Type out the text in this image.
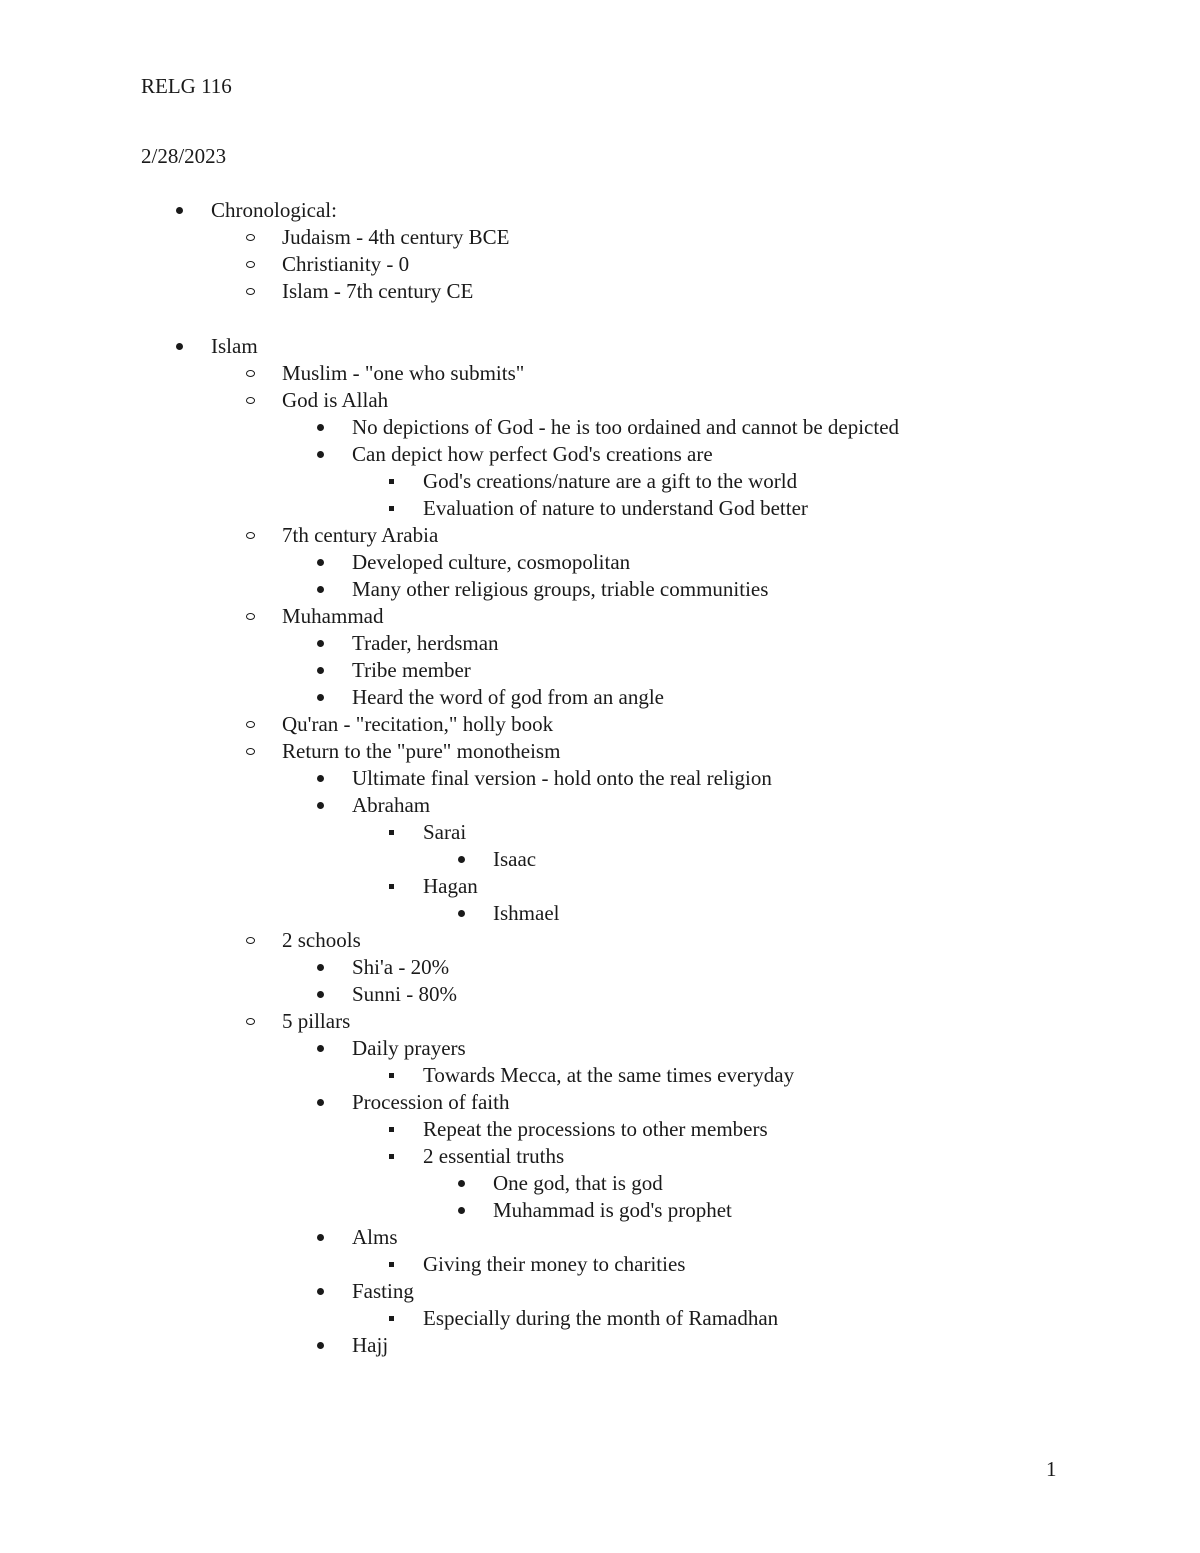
RELG 116
2/28/2023
Chronological:
Judaism - 4th century BCE
Christianity - 0
Islam - 7th century CE
Islam
Muslim - "one who submits"
God is Allah
No depictions of God - he is too ordained and cannot be depicted
Can depict how perfect God's creations are
God's creations/nature are a gift to the world
Evaluation of nature to understand God better
7th century Arabia
Developed culture, cosmopolitan
Many other religious groups, triable communities
Muhammad
Trader, herdsman
Tribe member
Heard the word of god from an angle
Qu'ran - "recitation," holly book
Return to the "pure" monotheism
Ultimate final version - hold onto the real religion
Abraham
Sarai
Isaac
Hagan
Ishmael
2 schools
Shi'a - 20%
Sunni - 80%
5 pillars
Daily prayers
Towards Mecca, at the same times everyday
Procession of faith
Repeat the processions to other members
2 essential truths
One god, that is god
Muhammad is god's prophet
Alms
Giving their money to charities
Fasting
Especially during the month of Ramadhan
Hajj
1
